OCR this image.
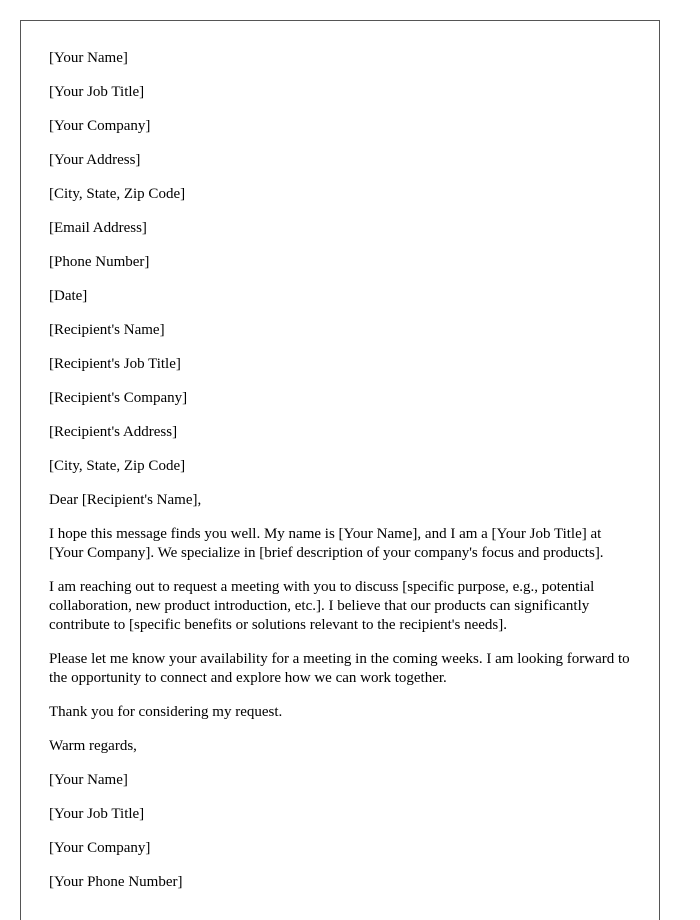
[Your Name]

[Your Job Title]

[Your Company]

[Your Address]

[City, State, Zip Code]

[Email Address]

[Phone Number]

[Date]

[Recipient's Name]

[Recipient's Job Title]

[Recipient's Company]

[Recipient's Address]

[City, State, Zip Code]

Dear [Recipient's Name],

I hope this message finds you well. My name is [Your Name], and I am a [Your Job Title] at [Your Company]. We specialize in [brief description of your company's focus and products].

I am reaching out to request a meeting with you to discuss [specific purpose, e.g., potential collaboration, new product introduction, etc.]. I believe that our products can significantly contribute to [specific benefits or solutions relevant to the recipient's needs].

Please let me know your availability for a meeting in the coming weeks. I am looking forward to the opportunity to connect and explore how we can work together.

Thank you for considering my request.

Warm regards,

[Your Name]

[Your Job Title]

[Your Company]

[Your Phone Number]
